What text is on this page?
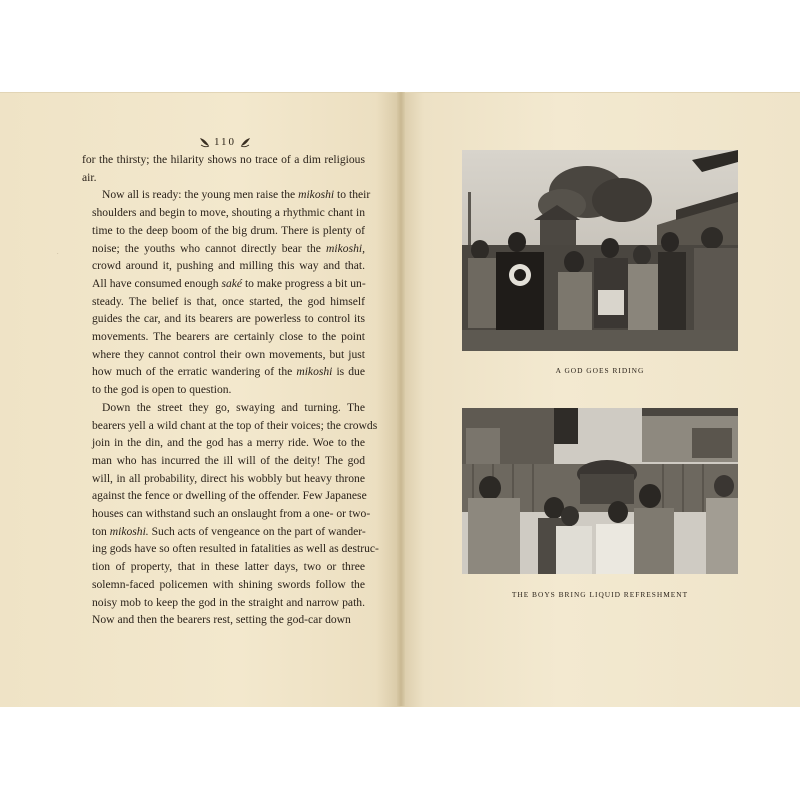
110
·

for the thirsty; the hilarity shows no trace of a dim religious
air.

Now all is ready: the young men raise the mikoshi to their
shoulders and begin to move, shouting a rhythmic chant in
time to the deep boom of the big drum. There is plenty of
noise; the youths who cannot directly bear the mikoshi,
crowd around it, pushing and milling this way and that.
All have consumed enough saké to make progress a bit un-
steady. The belief is that, once started, the god himself
guides the car, and its bearers are powerless to control its
movements. The bearers are certainly close to the point
where they cannot control their own movements, but just
how much of the erratic wandering of the mikoshi is due
to the god is open to question.

Down the street they go, swaying and turning. The
bearers yell a wild chant at the top of their voices; the crowds
join in the din, and the god has a merry ride. Woe to the
man who has incurred the ill will of the deity! The god
will, in all probability, direct his wobbly but heavy throne
against the fence or dwelling of the offender. Few Japanese
houses can withstand such an onslaught from a one- or two-
ton mikoshi. Such acts of vengeance on the part of wander-
ing gods have so often resulted in fatalities as well as destruc-
tion of property, that in these latter days, two or three
solemn-faced policemen with shining swords follow the
noisy mob to keep the god in the straight and narrow path.
Now and then the bearers rest, setting the god-car down

A GOD GOES RIDING
THE BOYS BRING LIQUID REFRESHMENT
